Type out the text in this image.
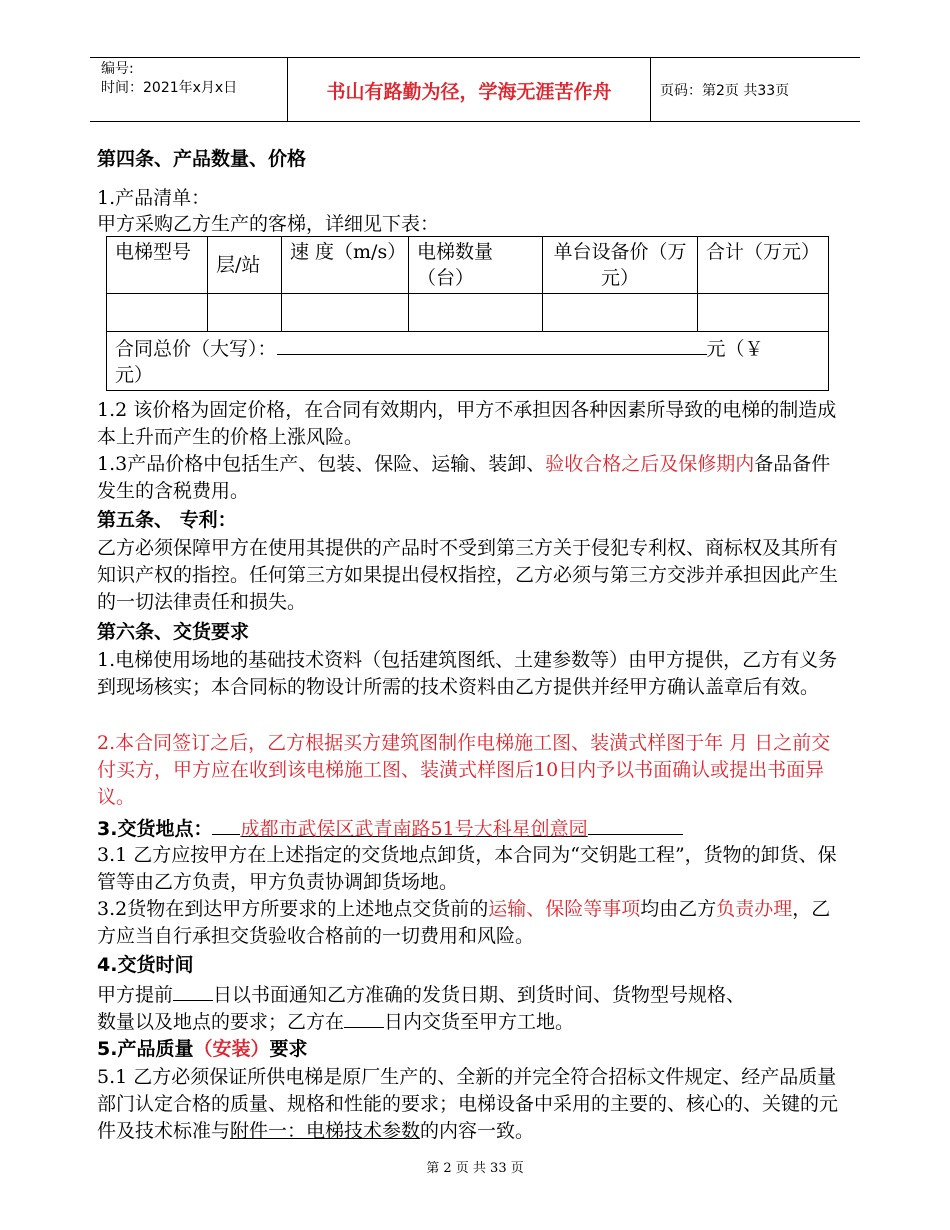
编号:
时间：2021年x月x日	书山有路勤为径，学海无涯苦作舟	页码：第2页 共33页
第四条、产品数量、价格
1.产品清单：
甲方采购乙方生产的客梯，详细见下表：
电梯型号	层/站	速 度（m/s）	电梯数量（台）	单台设备价（万元）	合计（万元）

合同总价（大写）： 元（￥
元）					
1.2 该价格为固定价格，在合同有效期内，甲方不承担因各种因素所导致的电梯的制造成本上升而产生的价格上涨风险。
1.3产品价格中包括生产、包装、保险、运输、装卸、验收合格之后及保修期内备品备件发生的含税费用。
第五条、 专利：
乙方必须保障甲方在使用其提供的产品时不受到第三方关于侵犯专利权、商标权及其所有知识产权的指控。任何第三方如果提出侵权指控，乙方必须与第三方交涉并承担因此产生的一切法律责任和损失。
第六条、交货要求
1.电梯使用场地的基础技术资料（包括建筑图纸、土建参数等）由甲方提供，乙方有义务到现场核实；本合同标的物设计所需的技术资料由乙方提供并经甲方确认盖章后有效。
2.本合同签订之后，乙方根据买方建筑图制作电梯施工图、装潢式样图于年 月 日之前交付买方，甲方应在收到该电梯施工图、装潢式样图后10日内予以书面确认或提出书面异议。
3.交货地点： 成都市武侯区武青南路51号大科星创意园
3.1 乙方应按甲方在上述指定的交货地点卸货，本合同为“交钥匙工程”，货物的卸货、保管等由乙方负责，甲方负责协调卸货场地。
3.2货物在到达甲方所要求的上述地点交货前的运输、保险等事项均由乙方负责办理，乙方应当自行承担交货验收合格前的一切费用和风险。
4.交货时间
甲方提前 日以书面通知乙方准确的发货日期、到货时间、货物型号规格、
数量以及地点的要求；乙方在 日内交货至甲方工地。
5.产品质量（安装）要求
5.1 乙方必须保证所供电梯是原厂生产的、全新的并完全符合招标文件规定、经产品质量部门认定合格的质量、规格和性能的要求；电梯设备中采用的主要的、核心的、关键的元件及技术标准与附件一：电梯技术参数的内容一致。
第 2 页 共 33 页
